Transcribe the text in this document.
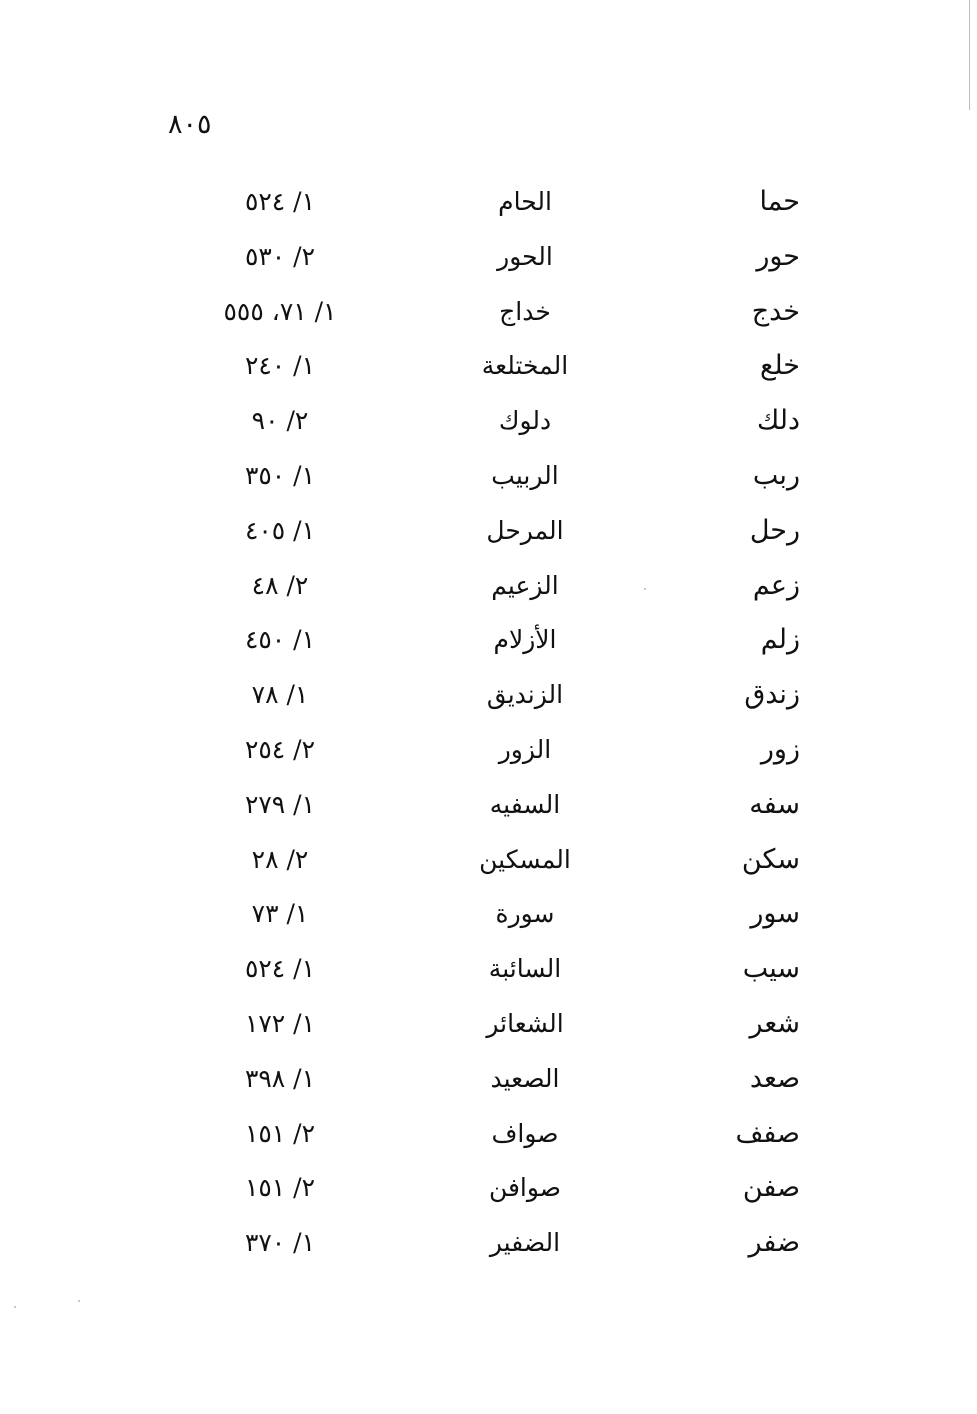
٨٠٥
حما
الحام
١/ ٥٢٤
حور
الحور
٢/ ٥٣٠
خدج
خداج
١/ ٧١، ٥٥٥
خلع
المختلعة
١/ ٢٤٠
دلك
دلوك
٢/ ٩٠
ربب
الربيب
١/ ٣٥٠
رحل
المرحل
١/ ٤٠٥
زعم
الزعيم
٢/ ٤٨
زلم
الأزلام
١/ ٤٥٠
زندق
الزنديق
١/ ٧٨
زور
الزور
٢/ ٢٥٤
سفه
السفيه
١/ ٢٧٩
سكن
المسكين
٢/ ٢٨
سور
سورة
١/ ٧٣
سيب
السائبة
١/ ٥٢٤
شعر
الشعائر
١/ ١٧٢
صعد
الصعيد
١/ ٣٩٨
صفف
صواف
٢/ ١٥١
صفن
صوافن
٢/ ١٥١
ضفر
الضفير
١/ ٣٧٠
